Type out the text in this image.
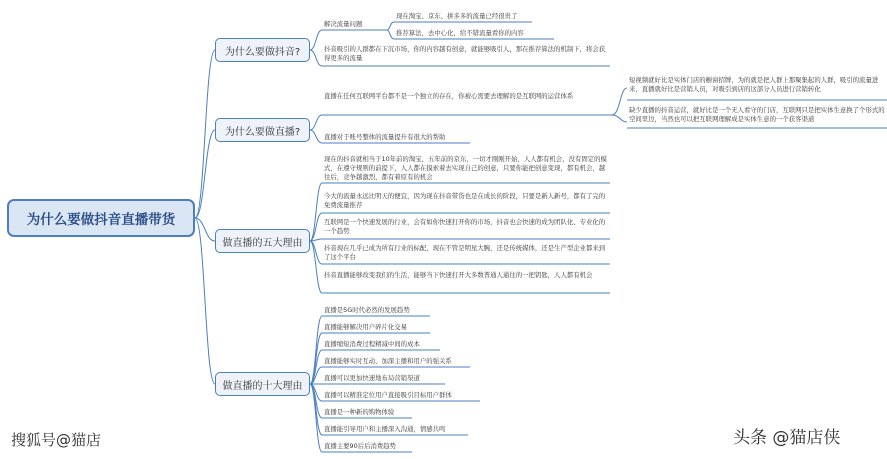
为什么要做抖音直播带货
为什么要做抖音?
为什么要做直播?
做直播的五大理由
做直播的十大理由
解决流量问题
现在淘宝、京东、拼多多的流量已经很贵了
推荐算法，去中心化，给不错流量看你的内容
抖音吸引的人群都在下沉市场，你的内容越有创意，就能够吸引人，那在推荐算法的机制下，将会获得更多的流量
直播在任何互联网平台都不是一个独立的存在，你被心需要去理解的是互联网的运营体系
直播对于账号整体的流量提升有很大的帮助
短视频就好比是实体门店的橱窗招牌，为的就是把人群上那聚集起的人群，吸引的流量进来，直播就好比是营销人员，对吸引到店的这部分人员进行营销转化
缺少直播的抖音运营，就好比是一个无人看守的门店，互联网只是把实体生意换了个形式的空间里边，当然也可以把互联网理解成是实体生意的一个获客渠道
现在的抖音就相当于10年前的淘宝，五年前的京东，一切才刚刚开始，人人都有机会，没有固定的模式，在遵守规则的前提下，人人都在摸索着去实现自己的创意，只要你能把创意变现，都有机会，越往后，竞争越激烈，都有着原有的机会
今大的流量永远比明天的便宜，因为现在抖音带货也是在成长的阶段，只要是新人新号，都有了完的免费流量推荐
互联网是一个快速发展的行业，会有如你快速打开你的市场，抖音也会快速的成为团队化、专业化的一个趋势
抖音现在几乎已成为所有行业的标配，现在不管是明星大腕，还是传统媒体，还是生产型企业都来到了这个平台
抖音直播能够改变我们的生活，能够当下快速打开大多数普通人通往的一把钥匙，人人都有机会
直播是5G时代必然的发展趋势
直播能够解决用户碎片化交易
直播缩短消费过程精减中间的成本
直播能够实时互动，加深主播和用户的强关系
直播可以更加快速地布局营销渠道
直播可以精准定位用户直接吸引目标用户群体
直播是一种新的购物体验
直播能引导用户和主播深入沟通，情感共鸣
直播主要90后后消费趋势
搜狐号@猫店	头条 @猫店侠
